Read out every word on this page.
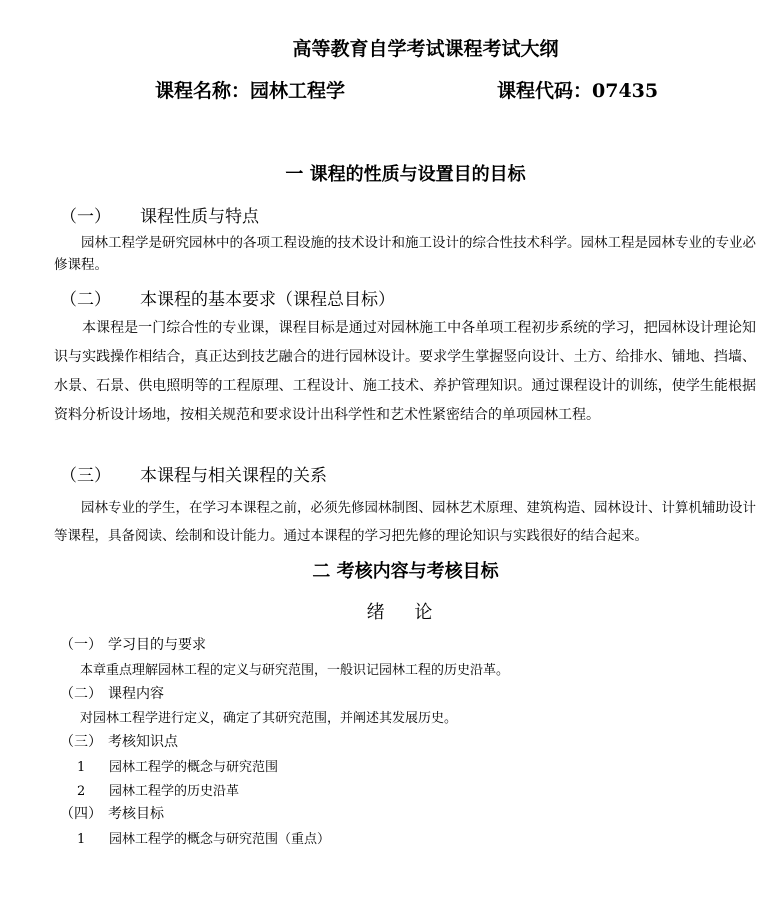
高等教育自学考试课程考试大纲
课程名称：园林工程学	课程代码：07435
一 课程的性质与设置目的目标
（一） 课程性质与特点
园林工程学是研究园林中的各项工程设施的技术设计和施工设计的综合性技术科学。园林工程是园林专业的专业必修课程。
（二） 本课程的基本要求（课程总目标）
本课程是一门综合性的专业课，课程目标是通过对园林施工中各单项工程初步系统的学习，把园林设计理论知识与实践操作相结合，真正达到技艺融合的进行园林设计。要求学生掌握竖向设计、土方、给排水、铺地、挡墙、水景、石景、供电照明等的工程原理、工程设计、施工技术、养护管理知识。通过课程设计的训练，使学生能根据资料分析设计场地，按相关规范和要求设计出科学性和艺术性紧密结合的单项园林工程。
（三） 本课程与相关课程的关系
园林专业的学生，在学习本课程之前，必须先修园林制图、园林艺术原理、建筑构造、园林设计、计算机辅助设计等课程，具备阅读、绘制和设计能力。通过本课程的学习把先修的理论知识与实践很好的结合起来。
二 考核内容与考核目标
绪 论
（一） 学习目的与要求
本章重点理解园林工程的定义与研究范围，一般识记园林工程的历史沿革。
（二） 课程内容
对园林工程学进行定义，确定了其研究范围，并阐述其发展历史。
（三） 考核知识点
1 园林工程学的概念与研究范围
2 园林工程学的历史沿革
（四） 考核目标
1 园林工程学的概念与研究范围（重点）
